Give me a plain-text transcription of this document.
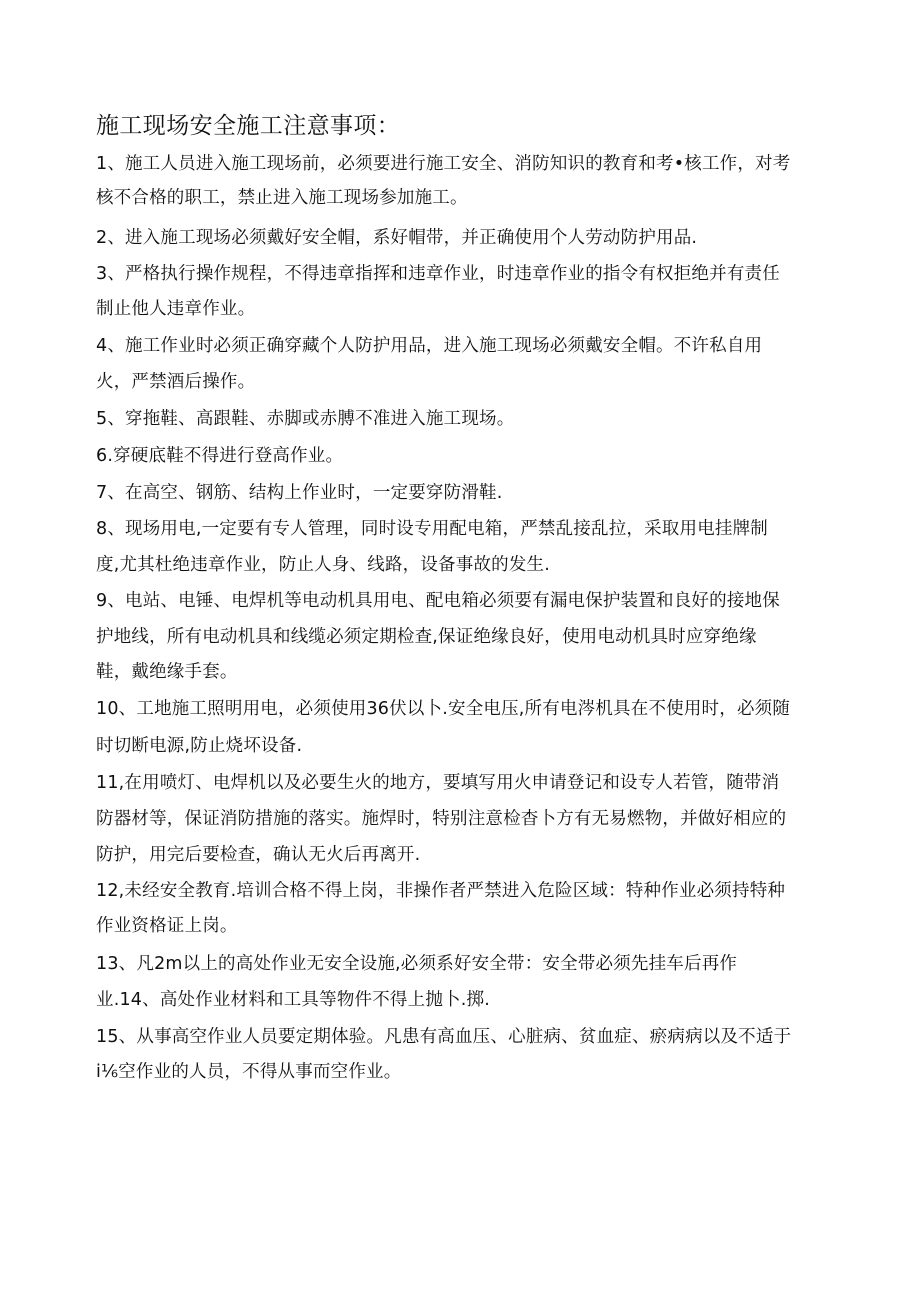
施工现场安全施工注意事项：
1、施工人员进入施工现场前，必须要进行施工安全、消防知识的教育和考•核工作，对考
核不合格的职工，禁止进入施工现场参加施工。
2、进入施工现场必须戴好安全帽，系好帽带，并正确使用个人劳动防护用品.
3、严格执行操作规程，不得违章指挥和违章作业，时违章作业的指令有权拒绝并有责任
制止他人违章作业。
4、施工作业时必须正确穿藏个人防护用品，进入施工现场必须戴安全帽。不许私自用
火，严禁酒后操作。
5、穿拖鞋、高跟鞋、赤脚或赤膊不准进入施工现场。
6.穿硬底鞋不得进行登高作业。
7、在高空、钢筋、结构上作业时，一定要穿防滑鞋.
8、现场用电,一定要有专人管理，同时设专用配电箱，严禁乱接乱拉，采取用电挂牌制
度,尤其杜绝违章作业，防止人身、线路，设备事故的发生.
9、电站、电锤、电焊机等电动机具用电、配电箱必须要有漏电保护装置和良好的接地保
护地线，所有电动机具和线缆必须定期检查,保证绝缘良好，使用电动机具时应穿绝缘
鞋，戴绝缘手套。
10、工地施工照明用电，必须使用36伏以卜.安全电压,所有电涔机具在不使用时，必须随
时切断电源,防止烧坏设备.
11,在用喷灯、电焊机以及必要生火的地方，要填写用火申请登记和设专人若管，随带消
防器材等，保证消防措施的落实。施焊时，特别注意检杳卜方有无易燃物，并做好相应的
防护，用完后要检查，确认无火后再离开.
12,未经安全教育.培训合格不得上岗，非操作者严禁进入危险区域：特种作业必须持特种
作业资格证上岗。
13、凡2m以上的高处作业无安全设施,必须系好安全带：安全带必须先挂车后再作
业.14、高处作业材料和工具等物件不得上抛卜.掷.
15、从事高空作业人员要定期体验。凡患有高血压、心脏病、贫血症、瘀病病以及不适于
i⅙空作业的人员，不得从事而空作业。
